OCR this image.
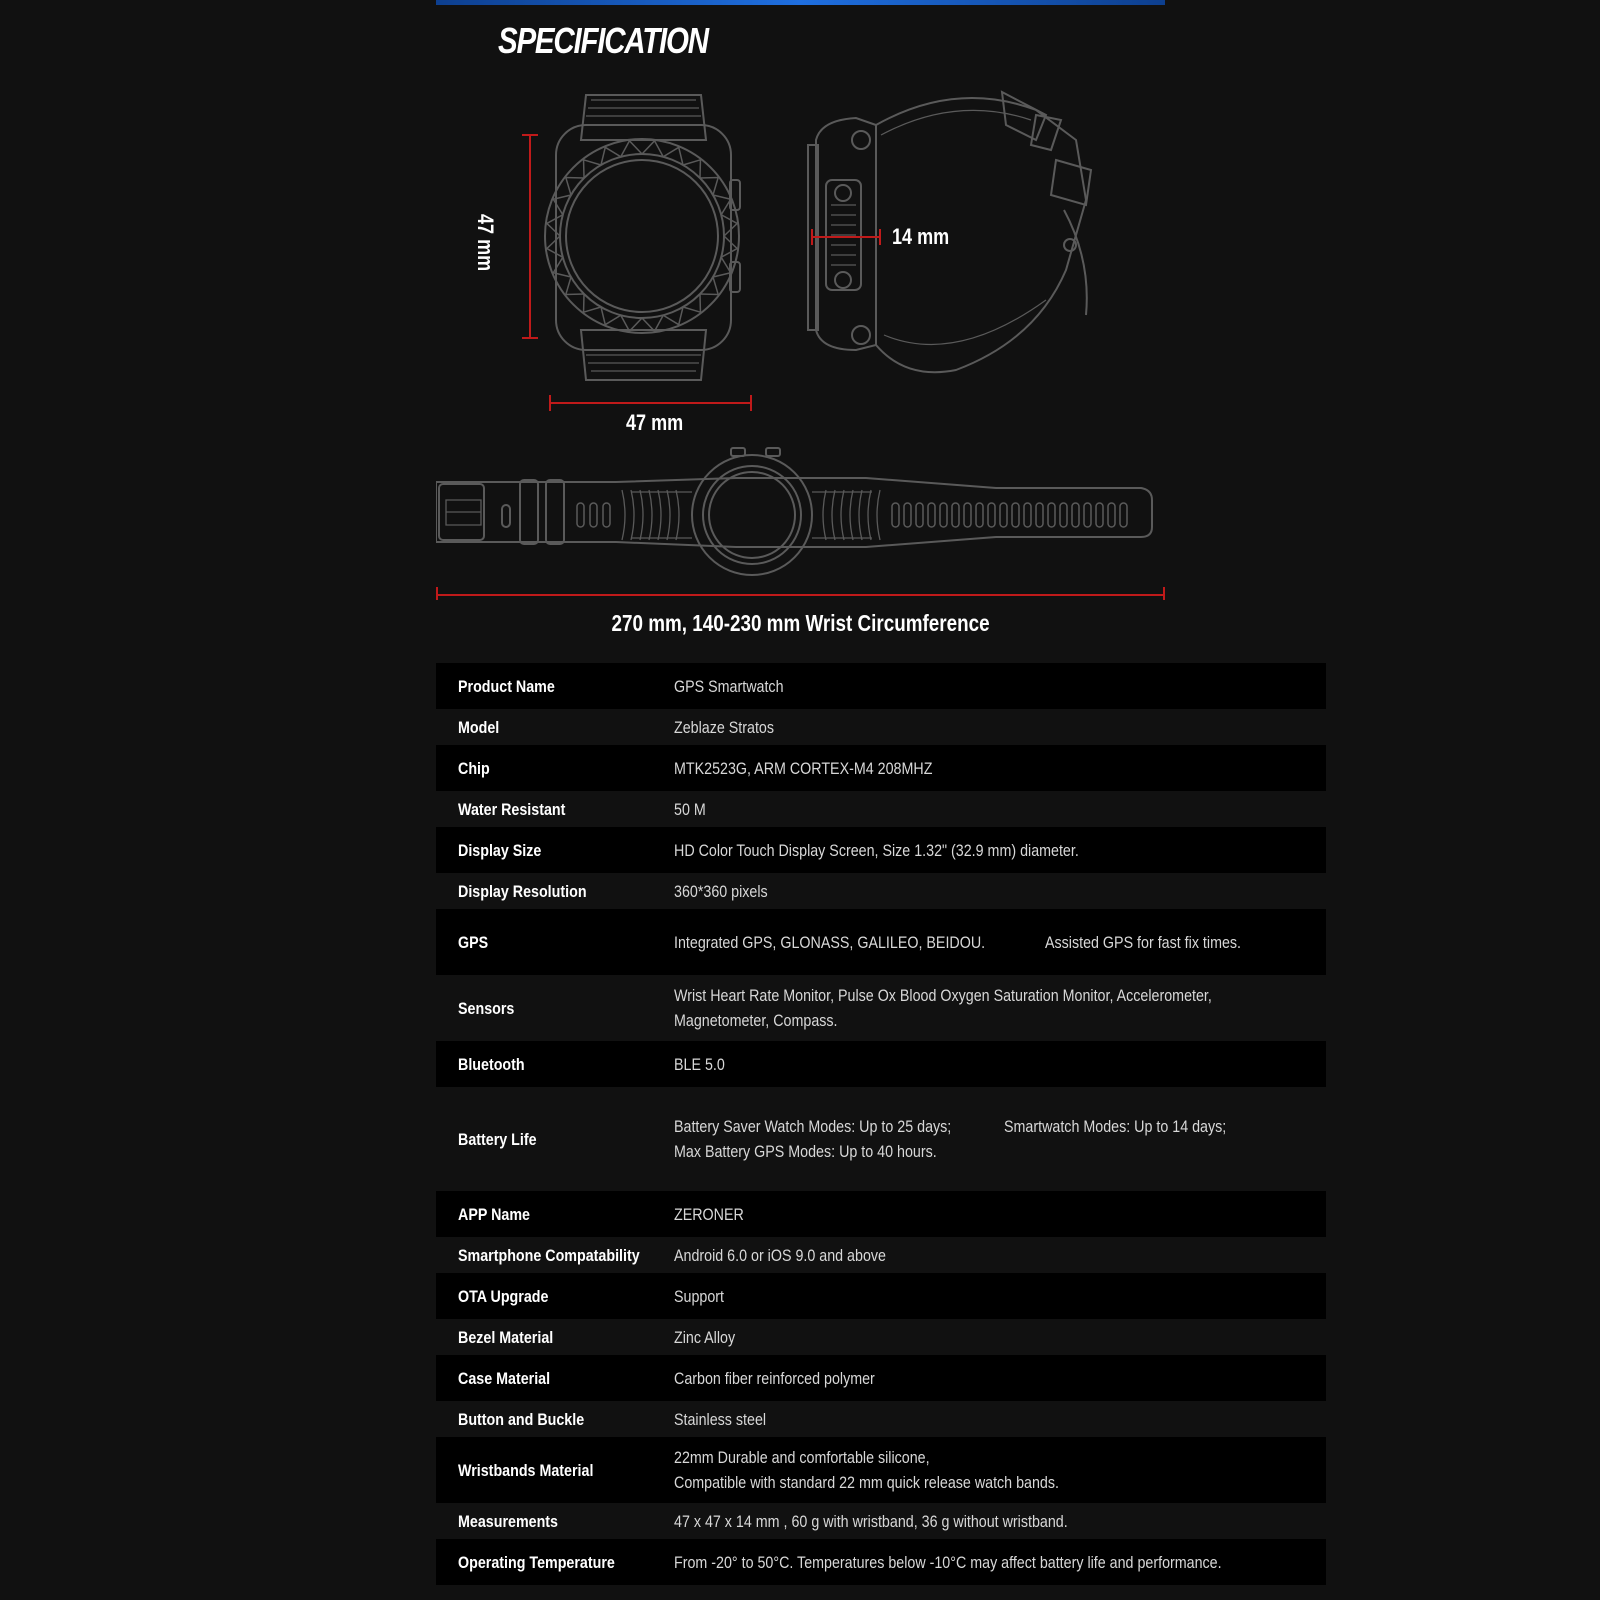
SPECIFICATION
47 mm
47 mm
14 mm
270 mm, 140-230 mm Wrist Circumference
Product Name	GPS Smartwatch
Model	Zeblaze Stratos
Chip	MTK2523G, ARM CORTEX-M4 208MHZ
Water Resistant	50 M
Display Size	HD Color Touch Display Screen, Size 1.32" (32.9 mm) diameter.
Display Resolution	360*360 pixels
GPS	Integrated GPS, GLONASS, GALILEO, BEIDOU. Assisted GPS for fast fix times.
Sensors	Wrist Heart Rate Monitor, Pulse Ox Blood Oxygen Saturation Monitor, Accelerometer,Magnetometer, Compass.
Bluetooth	BLE 5.0
Battery Life	Battery Saver Watch Modes: Up to 25 days; Smartwatch Modes: Up to 14 days;Max Battery GPS Modes: Up to 40 hours.
APP Name	ZERONER
Smartphone Compatability	Android 6.0 or iOS 9.0 and above
OTA Upgrade	Support
Bezel Material	Zinc Alloy
Case Material	Carbon fiber reinforced polymer
Button and Buckle	Stainless steel
Wristbands Material	22mm Durable and comfortable silicone,Compatible with standard 22 mm quick release watch bands.
Measurements	47 x 47 x 14 mm , 60 g with wristband, 36 g without wristband.
Operating Temperature	From -20° to 50°C. Temperatures below -10°C may affect battery life and performance.
